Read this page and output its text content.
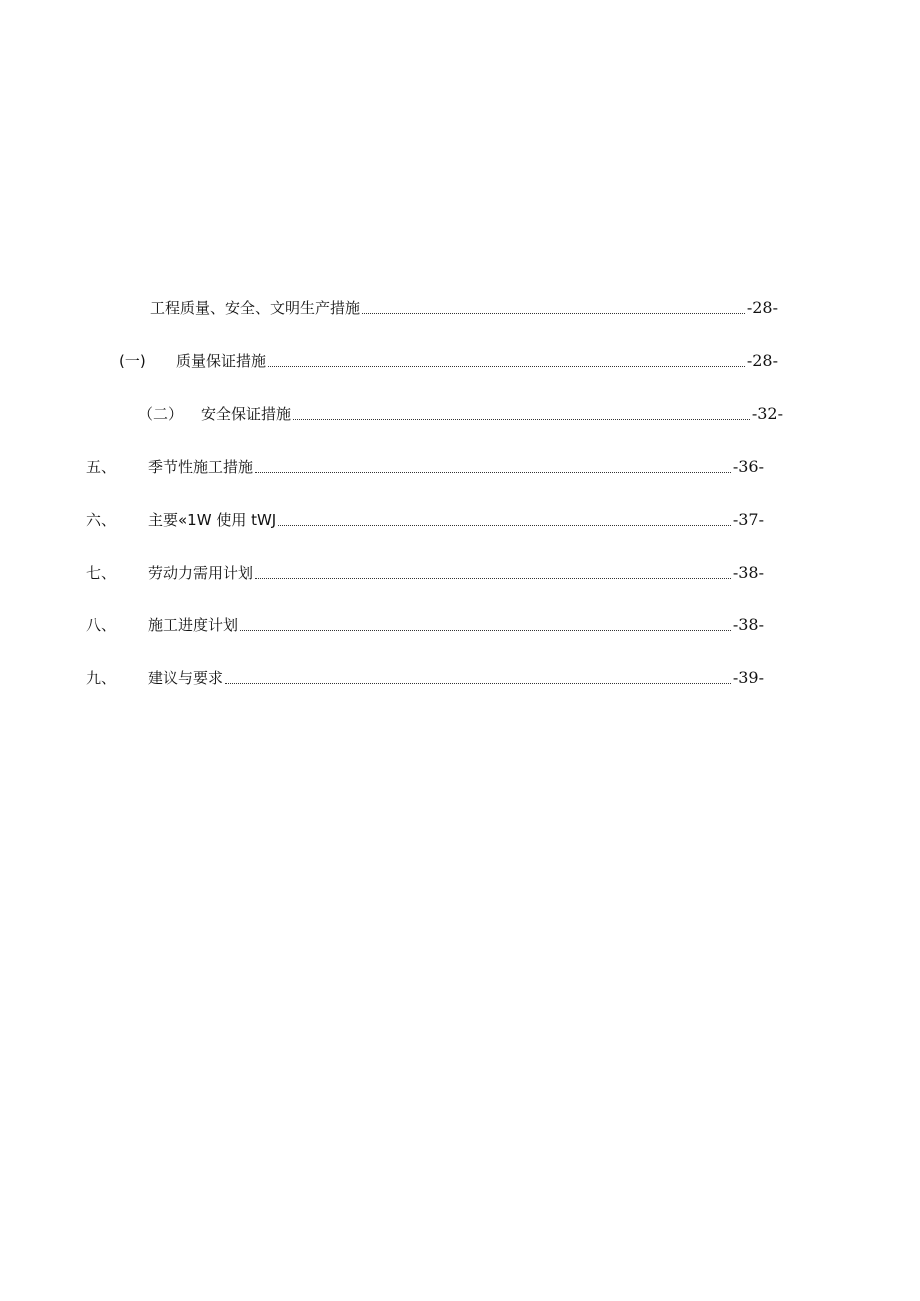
工程质量、安全、文明生产措施	-28-
(一) 质量保证措施	-28-
（二） 安全保证措施	-32-
五、 季节性施工措施	-36-
六、 主要«1W 使用 tWJ	-37-
七、 劳动力需用计划	-38-
八、 施工进度计划	-38-
九、 建议与要求	-39-
